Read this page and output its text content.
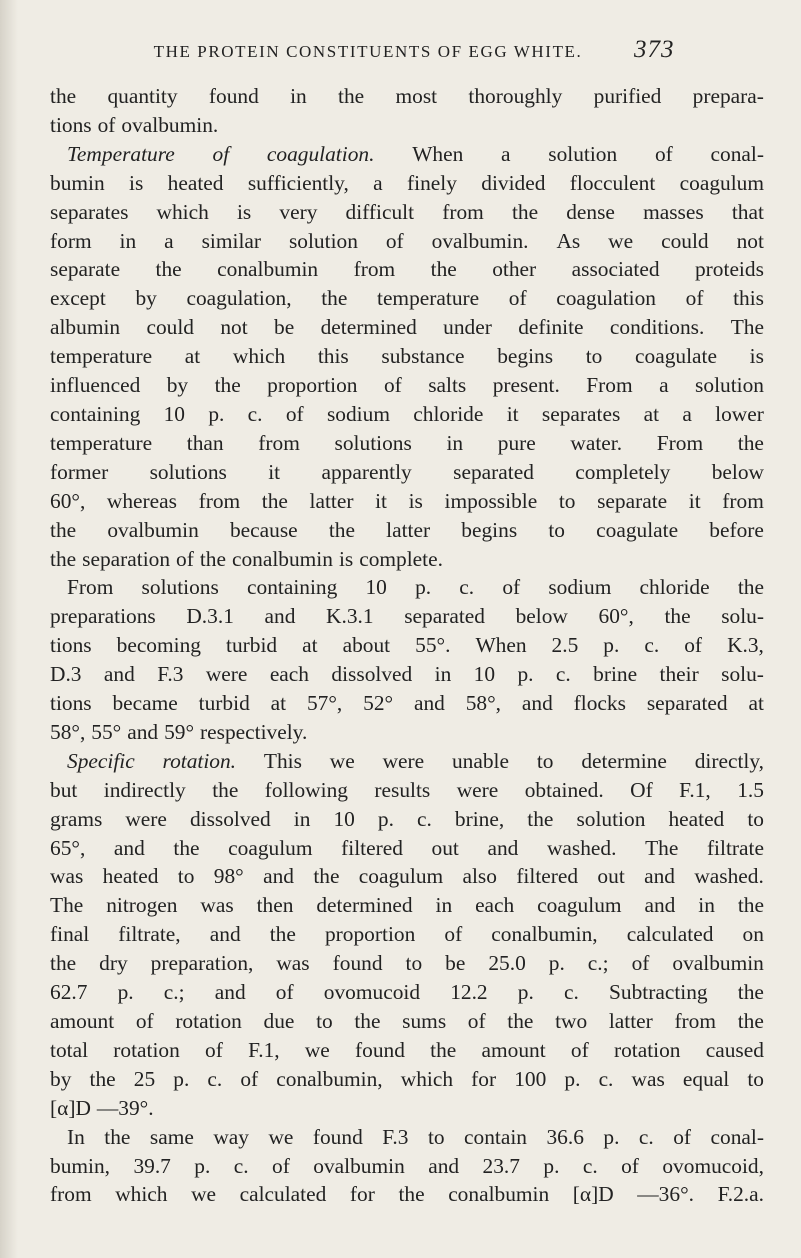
THE PROTEIN CONSTITUENTS OF EGG WHITE. 373
the quantity found in the most thoroughly purified prepara-
tions of ovalbumin.
Temperature of coagulation. When a solution of conal-
bumin is heated sufficiently, a finely divided flocculent coagulum
separates which is very difficult from the dense masses that
form in a similar solution of ovalbumin. As we could not
separate the conalbumin from the other associated proteids
except by coagulation, the temperature of coagulation of this
albumin could not be determined under definite conditions. The
temperature at which this substance begins to coagulate is
influenced by the proportion of salts present. From a solution
containing 10 p. c. of sodium chloride it separates at a lower
temperature than from solutions in pure water. From the
former solutions it apparently separated completely below
60°, whereas from the latter it is impossible to separate it from
the ovalbumin because the latter begins to coagulate before
the separation of the conalbumin is complete.
From solutions containing 10 p. c. of sodium chloride the
preparations D.3.1 and K.3.1 separated below 60°, the solu-
tions becoming turbid at about 55°. When 2.5 p. c. of K.3,
D.3 and F.3 were each dissolved in 10 p. c. brine their solu-
tions became turbid at 57°, 52° and 58°, and flocks separated at
58°, 55° and 59° respectively.
Specific rotation. This we were unable to determine directly,
but indirectly the following results were obtained. Of F.1, 1.5
grams were dissolved in 10 p. c. brine, the solution heated to
65°, and the coagulum filtered out and washed. The filtrate
was heated to 98° and the coagulum also filtered out and washed.
The nitrogen was then determined in each coagulum and in the
final filtrate, and the proportion of conalbumin, calculated on
the dry preparation, was found to be 25.0 p. c.; of ovalbumin
62.7 p. c.; and of ovomucoid 12.2 p. c. Subtracting the
amount of rotation due to the sums of the two latter from the
total rotation of F.1, we found the amount of rotation caused
by the 25 p. c. of conalbumin, which for 100 p. c. was equal to
[α]D —39°.
In the same way we found F.3 to contain 36.6 p. c. of conal-
bumin, 39.7 p. c. of ovalbumin and 23.7 p. c. of ovomucoid,
from which we calculated for the conalbumin [α]D —36°. F.2.a.
